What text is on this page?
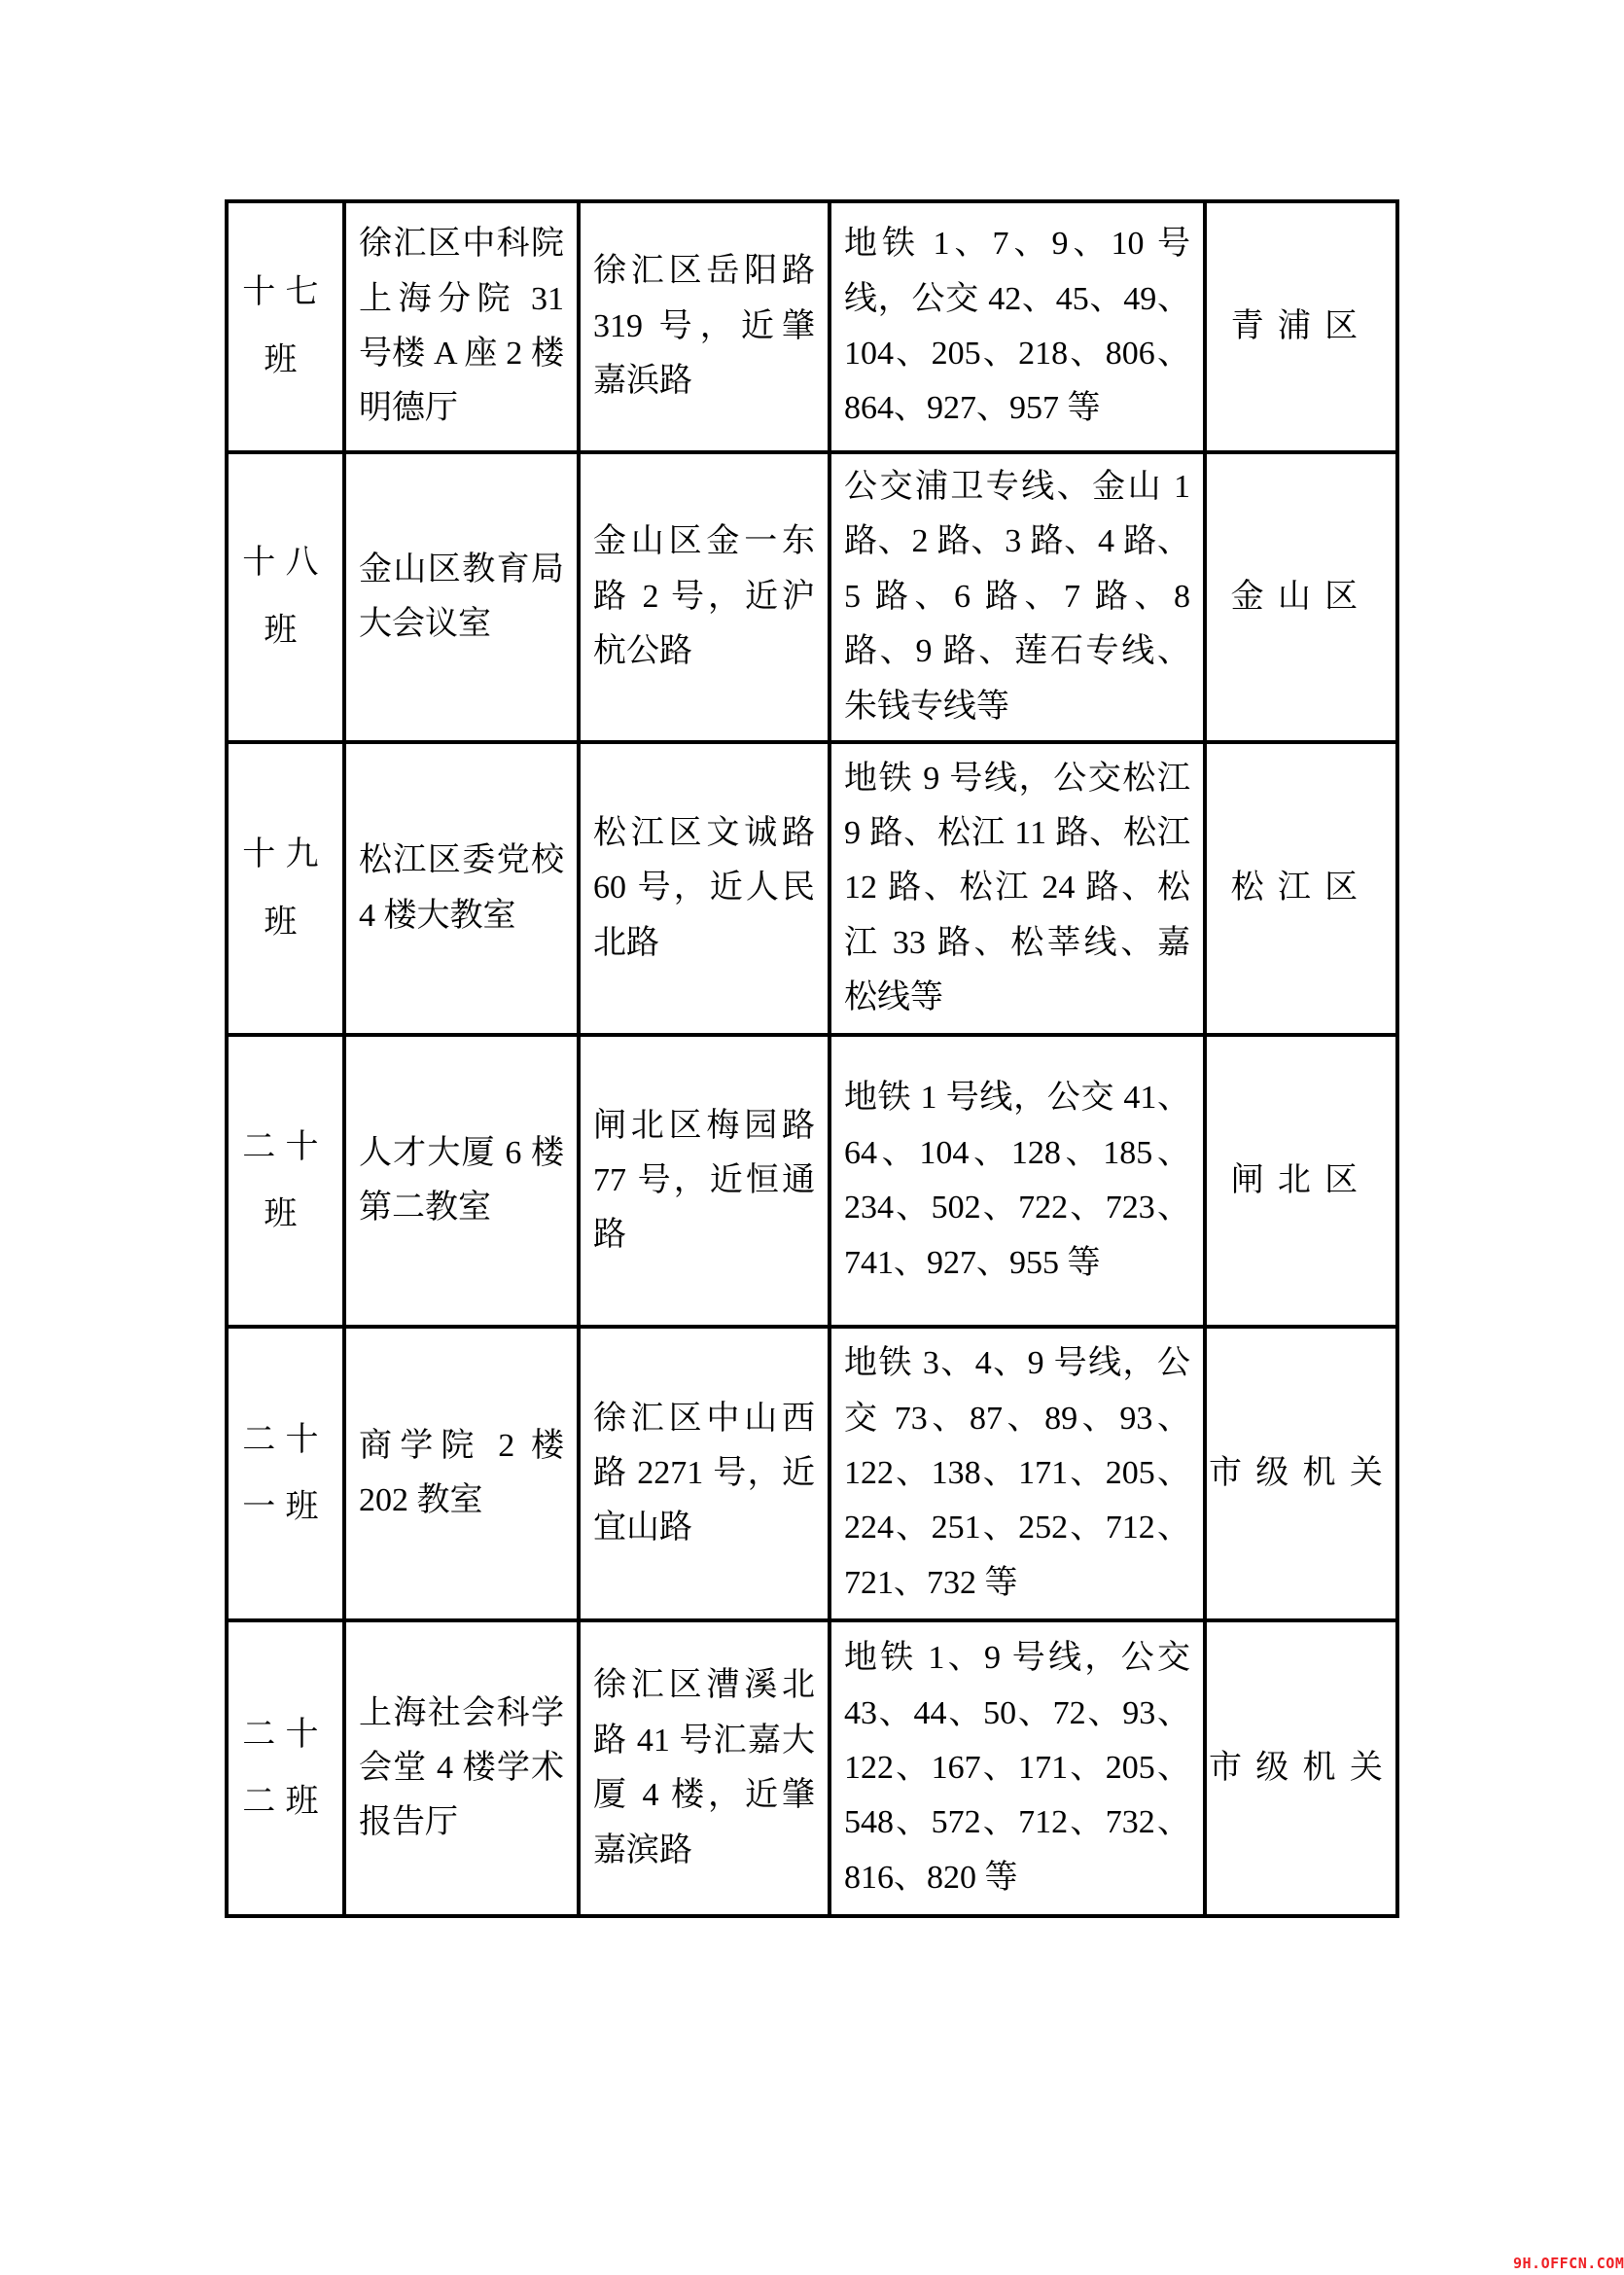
十七班	徐汇区中科院上海分院 31 号楼 A 座 2 楼明德厅	徐汇区岳阳路 319 号，近肇嘉浜路	地铁 1、7、9、10 号线，公交 42、45、49、104、205、218、806、864、927、957 等	青浦区

十八班	金山区教育局大会议室	金山区金一东路 2 号，近沪杭公路	公交浦卫专线、金山 1 路、2 路、3 路、4 路、5 路、6 路、7 路、8 路、9 路、莲石专线、朱钱专线等	金山区

十九班	松江区委党校 4 楼大教室	松江区文诚路 60 号，近人民北路	地铁 9 号线，公交松江 9 路、松江 11 路、松江 12 路、松江 24 路、松江 33 路、松莘线、嘉松线等	松江区

二十班	人才大厦 6 楼第二教室	闸北区梅园路 77 号，近恒通路	地铁 1 号线，公交 41、64、104、128、185、234、502、722、723、741、927、955 等	闸北区

二十一班	商学院 2 楼 202 教室	徐汇区中山西路 2271 号，近宜山路	地铁 3、4、9 号线，公交 73、87、89、93、122、138、171、205、224、251、252、712、721、732 等	市级机关

二十二班	上海社会科学会堂 4 楼学术报告厅	徐汇区漕溪北路 41 号汇嘉大厦 4 楼，近肇嘉滨路	地铁 1、9 号线，公交 43、44、50、72、93、122、167、171、205、548、572、712、732、816、820 等	市级机关
9H.OFFCN.COM
